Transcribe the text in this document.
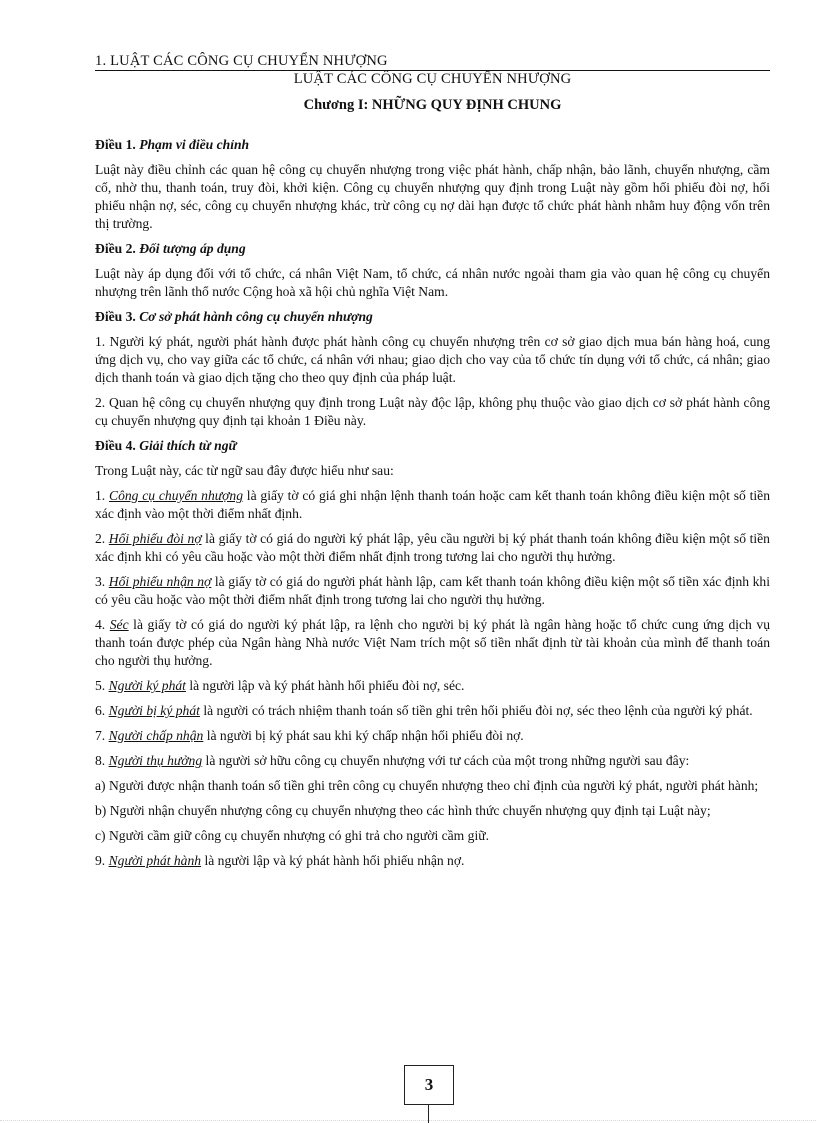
1. LUẬT CÁC CÔNG CỤ CHUYỂN NHƯỢNG
LUẬT CÁC CÔNG CỤ CHUYỂN NHƯỢNG
Chương I: NHỮNG QUY ĐỊNH CHUNG
Điều 1. Phạm vi điều chỉnh

Luật này điều chỉnh các quan hệ công cụ chuyển nhượng trong việc phát hành, chấp nhận, bảo lãnh, chuyển nhượng, cầm cố, nhờ thu, thanh toán, truy đòi, khởi kiện. Công cụ chuyển nhượng quy định trong Luật này gồm hối phiếu đòi nợ, hối phiếu nhận nợ, séc, công cụ chuyển nhượng khác, trừ công cụ nợ dài hạn được tổ chức phát hành nhằm huy động vốn trên thị trường.

Điều 2. Đối tượng áp dụng

Luật này áp dụng đối với tổ chức, cá nhân Việt Nam, tổ chức, cá nhân nước ngoài tham gia vào quan hệ công cụ chuyển nhượng trên lãnh thổ nước Cộng hoà xã hội chủ nghĩa Việt Nam.

Điều 3. Cơ sở phát hành công cụ chuyển nhượng

1. Người ký phát, người phát hành được phát hành công cụ chuyển nhượng trên cơ sở giao dịch mua bán hàng hoá, cung ứng dịch vụ, cho vay giữa các tổ chức, cá nhân với nhau; giao dịch cho vay của tổ chức tín dụng với tổ chức, cá nhân; giao dịch thanh toán và giao dịch tặng cho theo quy định của pháp luật.

2. Quan hệ công cụ chuyển nhượng quy định trong Luật này độc lập, không phụ thuộc vào giao dịch cơ sở phát hành công cụ chuyển nhượng quy định tại khoản 1 Điều này.

Điều 4. Giải thích từ ngữ

Trong Luật này, các từ ngữ sau đây được hiểu như sau:

1. Công cụ chuyển nhượng là giấy tờ có giá ghi nhận lệnh thanh toán hoặc cam kết thanh toán không điều kiện một số tiền xác định vào một thời điểm nhất định.

2. Hối phiếu đòi nợ là giấy tờ có giá do người ký phát lập, yêu cầu người bị ký phát thanh toán không điều kiện một số tiền xác định khi có yêu cầu hoặc vào một thời điểm nhất định trong tương lai cho người thụ hưởng.

3. Hối phiếu nhận nợ là giấy tờ có giá do người phát hành lập, cam kết thanh toán không điều kiện một số tiền xác định khi có yêu cầu hoặc vào một thời điểm nhất định trong tương lai cho người thụ hưởng.

4. Séc là giấy tờ có giá do người ký phát lập, ra lệnh cho người bị ký phát là ngân hàng hoặc tổ chức cung ứng dịch vụ thanh toán được phép của Ngân hàng Nhà nước Việt Nam trích một số tiền nhất định từ tài khoản của mình để thanh toán cho người thụ hưởng.

5. Người ký phát là người lập và ký phát hành hối phiếu đòi nợ, séc.

6. Người bị ký phát là người có trách nhiệm thanh toán số tiền ghi trên hối phiếu đòi nợ, séc theo lệnh của người ký phát.

7. Người chấp nhận là người bị ký phát sau khi ký chấp nhận hối phiếu đòi nợ.

8. Người thụ hưởng là người sở hữu công cụ chuyển nhượng với tư cách của một trong những người sau đây:

a) Người được nhận thanh toán số tiền ghi trên công cụ chuyển nhượng theo chỉ định của người ký phát, người phát hành;

b) Người nhận chuyển nhượng công cụ chuyển nhượng theo các hình thức chuyển nhượng quy định tại Luật này;

c) Người cầm giữ công cụ chuyển nhượng có ghi trả cho người cầm giữ.

9. Người phát hành là người lập và ký phát hành hối phiếu nhận nợ.

3
